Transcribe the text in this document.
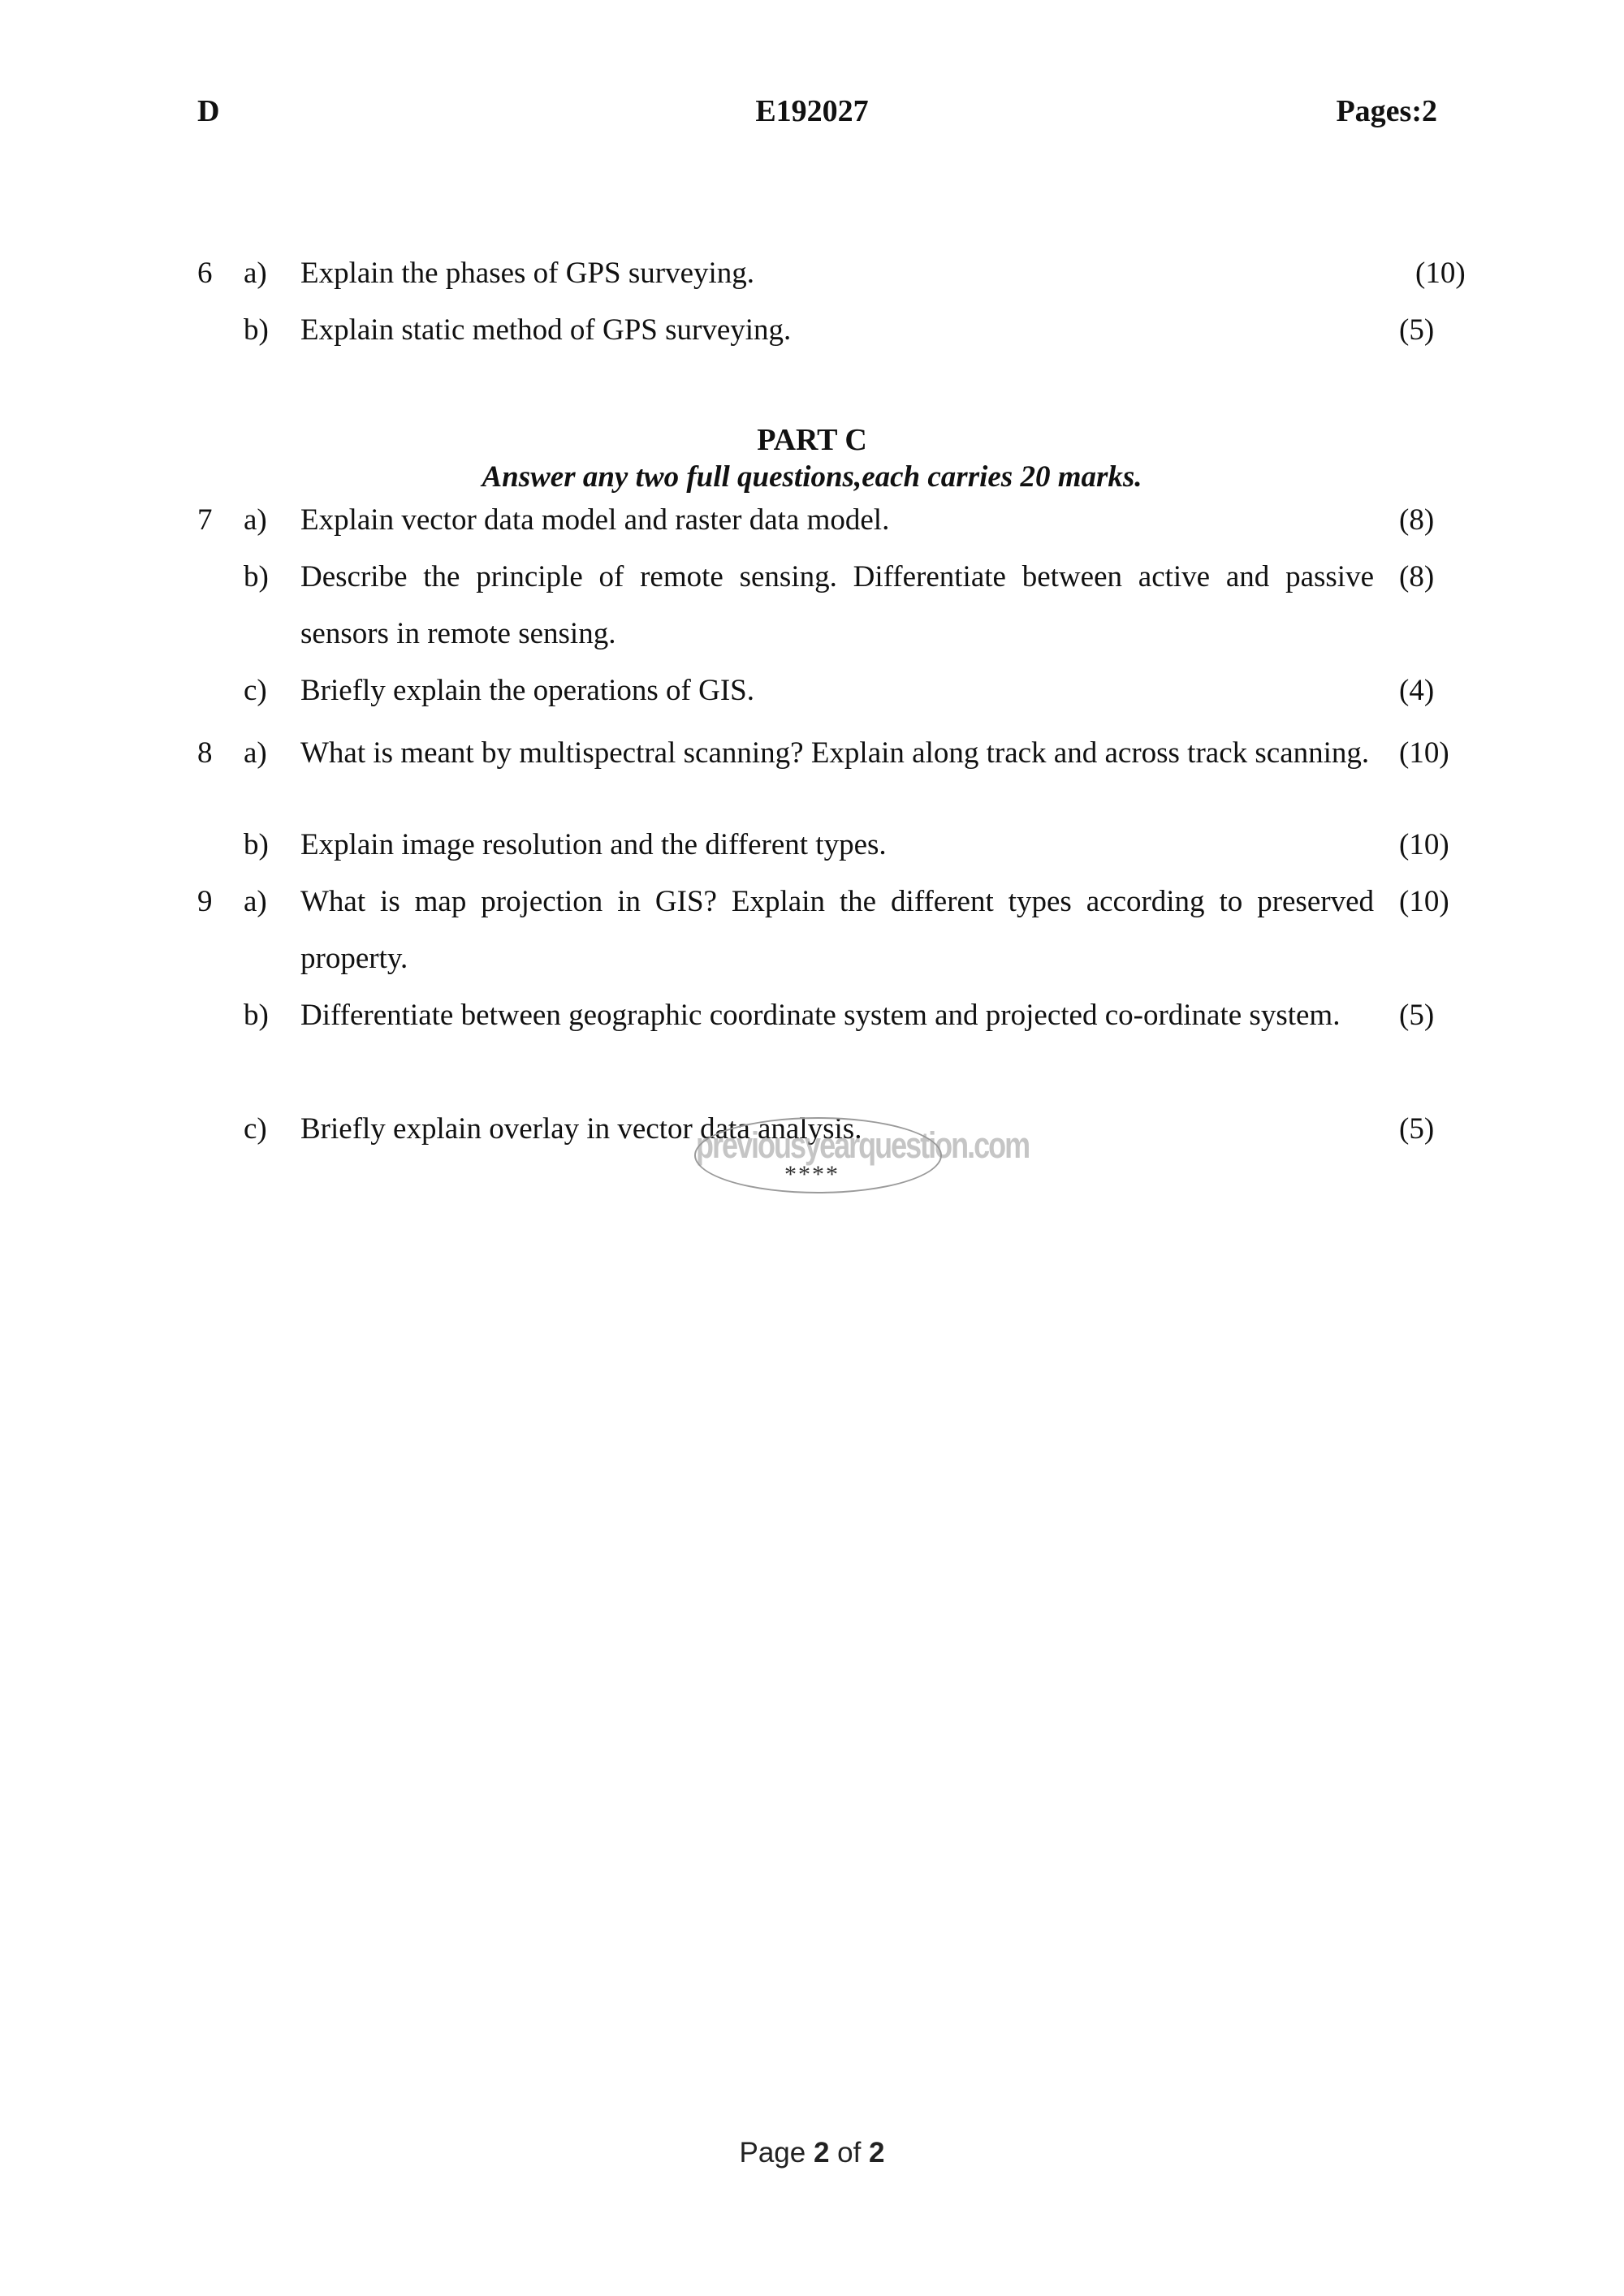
D	E192027	Pages:2
6 a) Explain the phases of GPS surveying.	(10)
b) Explain static method of GPS surveying.	(5)
PART C
Answer any two full questions,each carries 20 marks.
7 a) Explain vector data model and raster data model.	(8)
b) Describe the principle of remote sensing. Differentiate between active and passive sensors in remote sensing.
(8)
c) Briefly explain the operations of GIS.	(4)
8 a) What is meant by multispectral scanning? Explain along track and across track scanning. (10)
b) Explain image resolution and the different types.	(10)
9 a) What is map projection in GIS? Explain the different types according to preserved property.
(10)
b) Differentiate between geographic coordinate system and projected co-ordinate system.	(5)
c) Briefly explain overlay in vector data analysis.	(5)
previousyearquestion.com
****
Page 2 of 2
